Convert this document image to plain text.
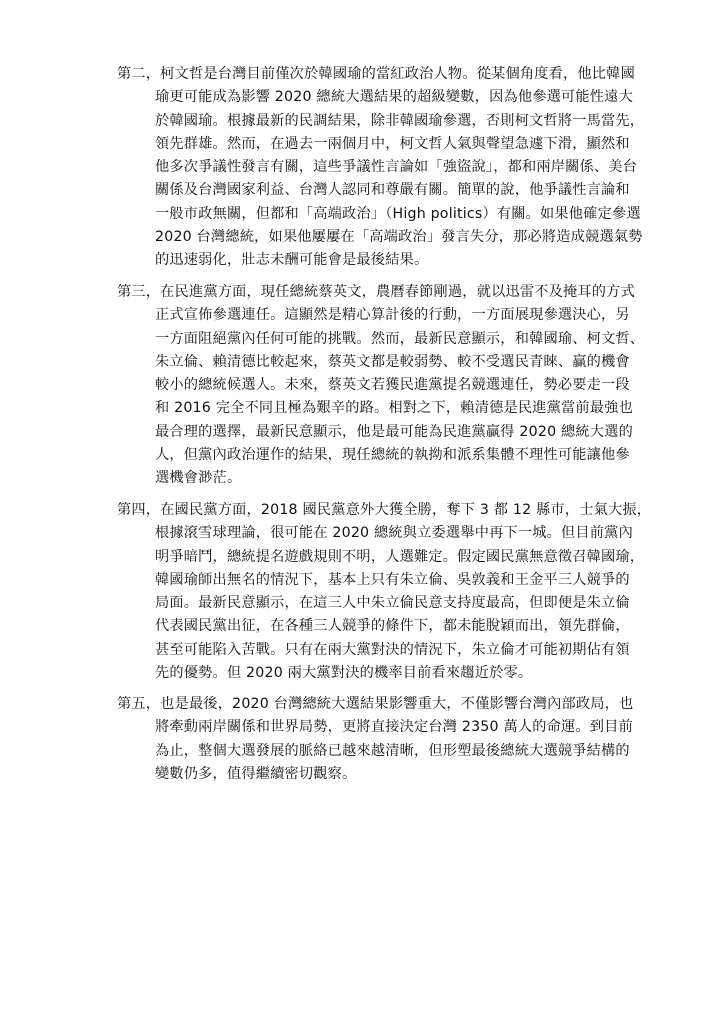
第二，柯文哲是台灣目前僅次於韓國瑜的當紅政治人物。從某個角度看，他比韓國
瑜更可能成為影響 2020 總統大選結果的超級變數，因為他參選可能性遠大
於韓國瑜。根據最新的民調結果，除非韓國瑜參選，否則柯文哲將一馬當先，
領先群雄。然而，在過去一兩個月中，柯文哲人氣與聲望急遽下滑，顯然和
他多次爭議性發言有關，這些爭議性言論如「強盜說」，都和兩岸關係、美台
關係及台灣國家利益、台灣人認同和尊嚴有關。簡單的說，他爭議性言論和
一般市政無關，但都和「高端政治」（High politics）有關。如果他確定參選
2020 台灣總統，如果他屢屢在「高端政治」發言失分，那必將造成競選氣勢
的迅速弱化，壯志未酬可能會是最後結果。
第三，在民進黨方面，現任總統蔡英文，農曆春節剛過，就以迅雷不及掩耳的方式
正式宣佈參選連任。這顯然是精心算計後的行動，一方面展現參選決心，另
一方面阻絕黨內任何可能的挑戰。然而，最新民意顯示，和韓國瑜、柯文哲、
朱立倫、賴清德比較起來，蔡英文都是較弱勢、較不受選民青睞、贏的機會
較小的總統候選人。未來，蔡英文若獲民進黨提名競選連任，勢必要走一段
和 2016 完全不同且極為艱辛的路。相對之下，賴清德是民進黨當前最強也
最合理的選擇，最新民意顯示，他是最可能為民進黨贏得 2020 總統大選的
人，但黨內政治運作的結果，現任總統的執拗和派系集體不理性可能讓他參
選機會渺茫。
第四，在國民黨方面，2018 國民黨意外大獲全勝，奪下 3 都 12 縣市，士氣大振，
根據滾雪球理論，很可能在 2020 總統與立委選舉中再下一城。但目前黨內
明爭暗鬥，總統提名遊戲規則不明，人選難定。假定國民黨無意徵召韓國瑜，
韓國瑜師出無名的情況下，基本上只有朱立倫、吳敦義和王金平三人競爭的
局面。最新民意顯示，在這三人中朱立倫民意支持度最高，但即便是朱立倫
代表國民黨出征，在各種三人競爭的條件下，都未能脫穎而出，領先群倫，
甚至可能陷入苦戰。只有在兩大黨對決的情況下，朱立倫才可能初期佔有領
先的優勢。但 2020 兩大黨對決的機率目前看來趨近於零。
第五，也是最後，2020 台灣總統大選結果影響重大，不僅影響台灣內部政局，也
將牽動兩岸關係和世界局勢，更將直接決定台灣 2350 萬人的命運。到目前
為止，整個大選發展的脈絡已越來越清晰，但形塑最後總統大選競爭結構的
變數仍多，值得繼續密切觀察。
